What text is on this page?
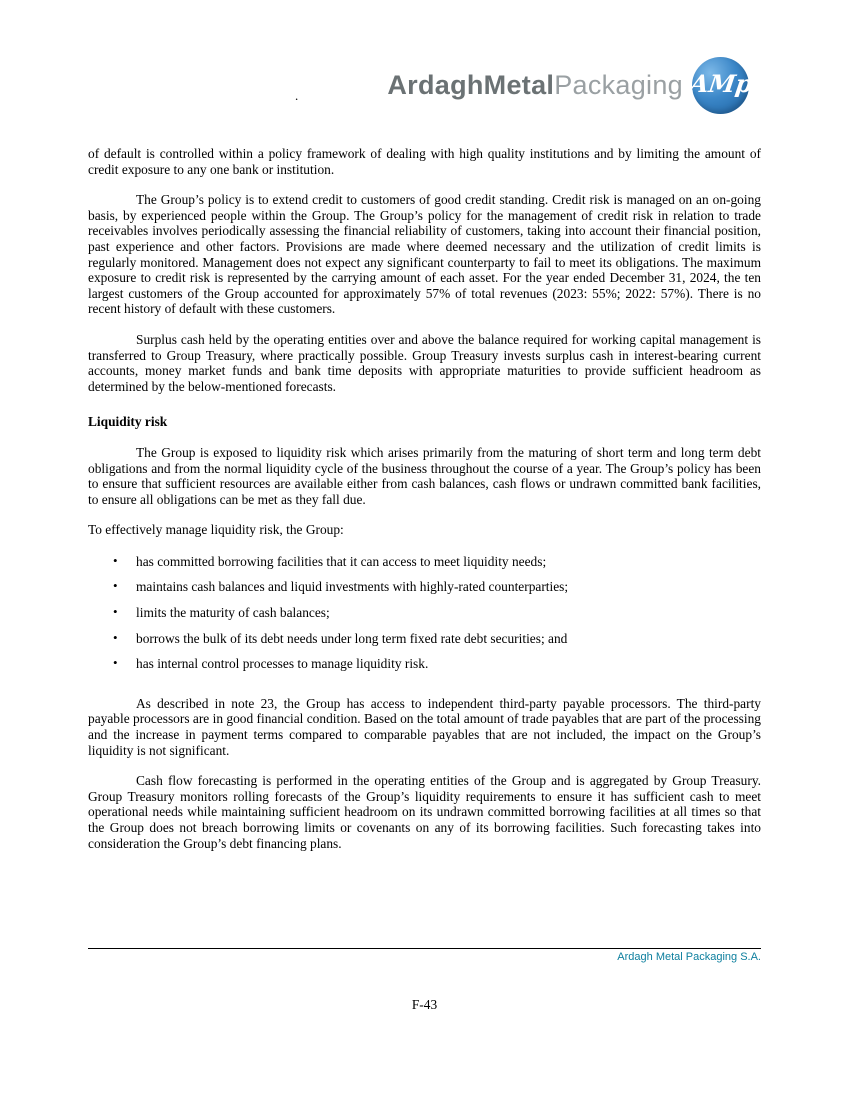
ArdaghMetalPackaging AMp
.

of default is controlled within a policy framework of dealing with high quality institutions and by limiting the amount of credit exposure to any one bank or institution.

The Group’s policy is to extend credit to customers of good credit standing. Credit risk is managed on an on-going basis, by experienced people within the Group. The Group’s policy for the management of credit risk in relation to trade receivables involves periodically assessing the financial reliability of customers, taking into account their financial position, past experience and other factors. Provisions are made where deemed necessary and the utilization of credit limits is regularly monitored. Management does not expect any significant counterparty to fail to meet its obligations. The maximum exposure to credit risk is represented by the carrying amount of each asset. For the year ended December 31, 2024, the ten largest customers of the Group accounted for approximately 57% of total revenues (2023: 55%; 2022: 57%). There is no recent history of default with these customers.

Surplus cash held by the operating entities over and above the balance required for working capital management is transferred to Group Treasury, where practically possible. Group Treasury invests surplus cash in interest-bearing current accounts, money market funds and bank time deposits with appropriate maturities to provide sufficient headroom as determined by the below-mentioned forecasts.

Liquidity risk

The Group is exposed to liquidity risk which arises primarily from the maturing of short term and long term debt obligations and from the normal liquidity cycle of the business throughout the course of a year. The Group’s policy has been to ensure that sufficient resources are available either from cash balances, cash flows or undrawn committed bank facilities, to ensure all obligations can be met as they fall due.

To effectively manage liquidity risk, the Group:

• has committed borrowing facilities that it can access to meet liquidity needs;
• maintains cash balances and liquid investments with highly-rated counterparties;
• limits the maturity of cash balances;
• borrows the bulk of its debt needs under long term fixed rate debt securities; and
• has internal control processes to manage liquidity risk.

As described in note 23, the Group has access to independent third-party payable processors. The third-party payable processors are in good financial condition. Based on the total amount of trade payables that are part of the processing and the increase in payment terms compared to comparable payables that are not included, the impact on the Group’s liquidity is not significant.

Cash flow forecasting is performed in the operating entities of the Group and is aggregated by Group Treasury. Group Treasury monitors rolling forecasts of the Group’s liquidity requirements to ensure it has sufficient cash to meet operational needs while maintaining sufficient headroom on its undrawn committed borrowing facilities at all times so that the Group does not breach borrowing limits or covenants on any of its borrowing facilities. Such forecasting takes into consideration the Group’s debt financing plans.

Ardagh Metal Packaging S.A.
F-43
